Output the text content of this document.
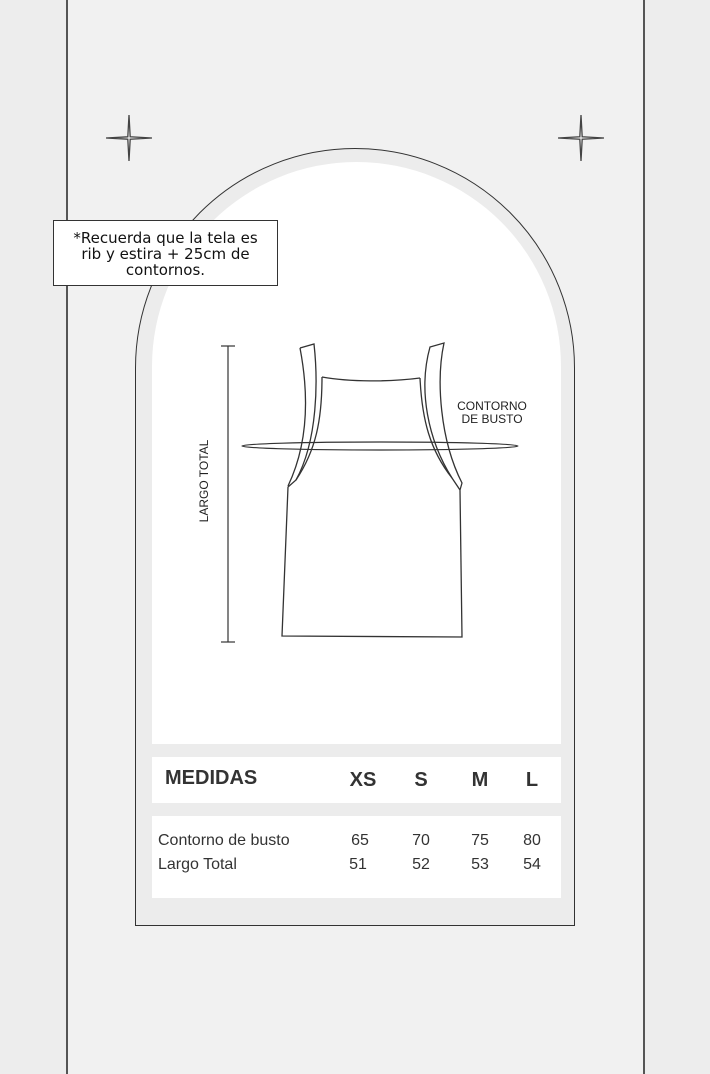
CONTORNO
DE BUSTO
LARGO TOTAL
*Recuerda que la tela es
rib y estira + 25cm de
contornos.
MEDIDAS	XS	S	M	L
Contorno de busto	65	70	75	80
Largo Total	51	52	53	54
